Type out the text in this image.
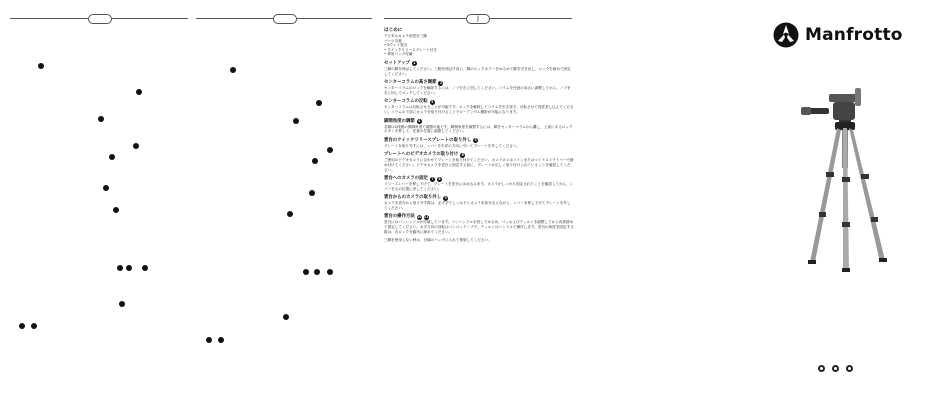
J
はじめに
デジタルカメラ用雲台三脚
パーツ名称
• 3ウェイ雲台
• クイックリリースプレート付き
• 専用バッグ付属
セットアップ	1
三脚の脚を伸ばしてください。三脚を伸ばす前に、脚のロックカラーをゆるめて脚を引き出し、ロックを締めて固定してください。
センターコラムの高さ調節	2
センターコラムのロックを解除するには、ノブを左に回してください。コラムを任意の高さに調整してから、ノブを右に回してロックしてください。
センターコラムの反転	3
センターコラムは反転させることが可能です。ロックを解除してコラムを引き抜き、反転させて再度差し込んでください。コラムの下部にカメラを取り付けることでローアングル撮影が可能になります。
脚開角度の調節	4
各脚は2段階の開脚角度で調整可能です。脚開角度を調整するには、脚をセンターコラムから離し、上部にあるロックボタンを押して、任意の位置に調節してください。
雲台のクイックリリースプレートの取り外し	5
プレートを取り外すには、レバーを矢印の方向に引いてプレートを外してください。
プレートへのビデオカメラの取り付け	6
ご使用のビデオカメラに合わせてプレートを取り付けてください。カメラネジはコインまたはマイナスドライバーで締め付けてください。ビデオカメラを雲台に固定する前に、プレートが正しく取り付けられていることを確認してください。
雲台へのカメラの固定	7	8
リリースレバーを押し下げて、プレートを雲台にはめ込みます。カメラがしっかり固定されたことを確認してから、レバーを元の位置に戻してください。
雲台からのカメラの取り外し	9
カメラを雲台から取り外す際は、必ず手でしっかりとカメラ本体を支えながら、レバーを押し下げてプレートを外してください。
雲台の操作方法 10 11
雲台にはパンハンドルが付属しています。パンハンドルを回してゆるめ、パンおよびティルトを調整してから再度締めて固定してください。水平方向の回転はパンロックノブで、ティルトはハンドルで操作します。雲台の角度を固定する際は、各ロックを確実に締めてください。
三脚を使用しない時は、付属のバッグに入れて保管してください。
Manfrotto
